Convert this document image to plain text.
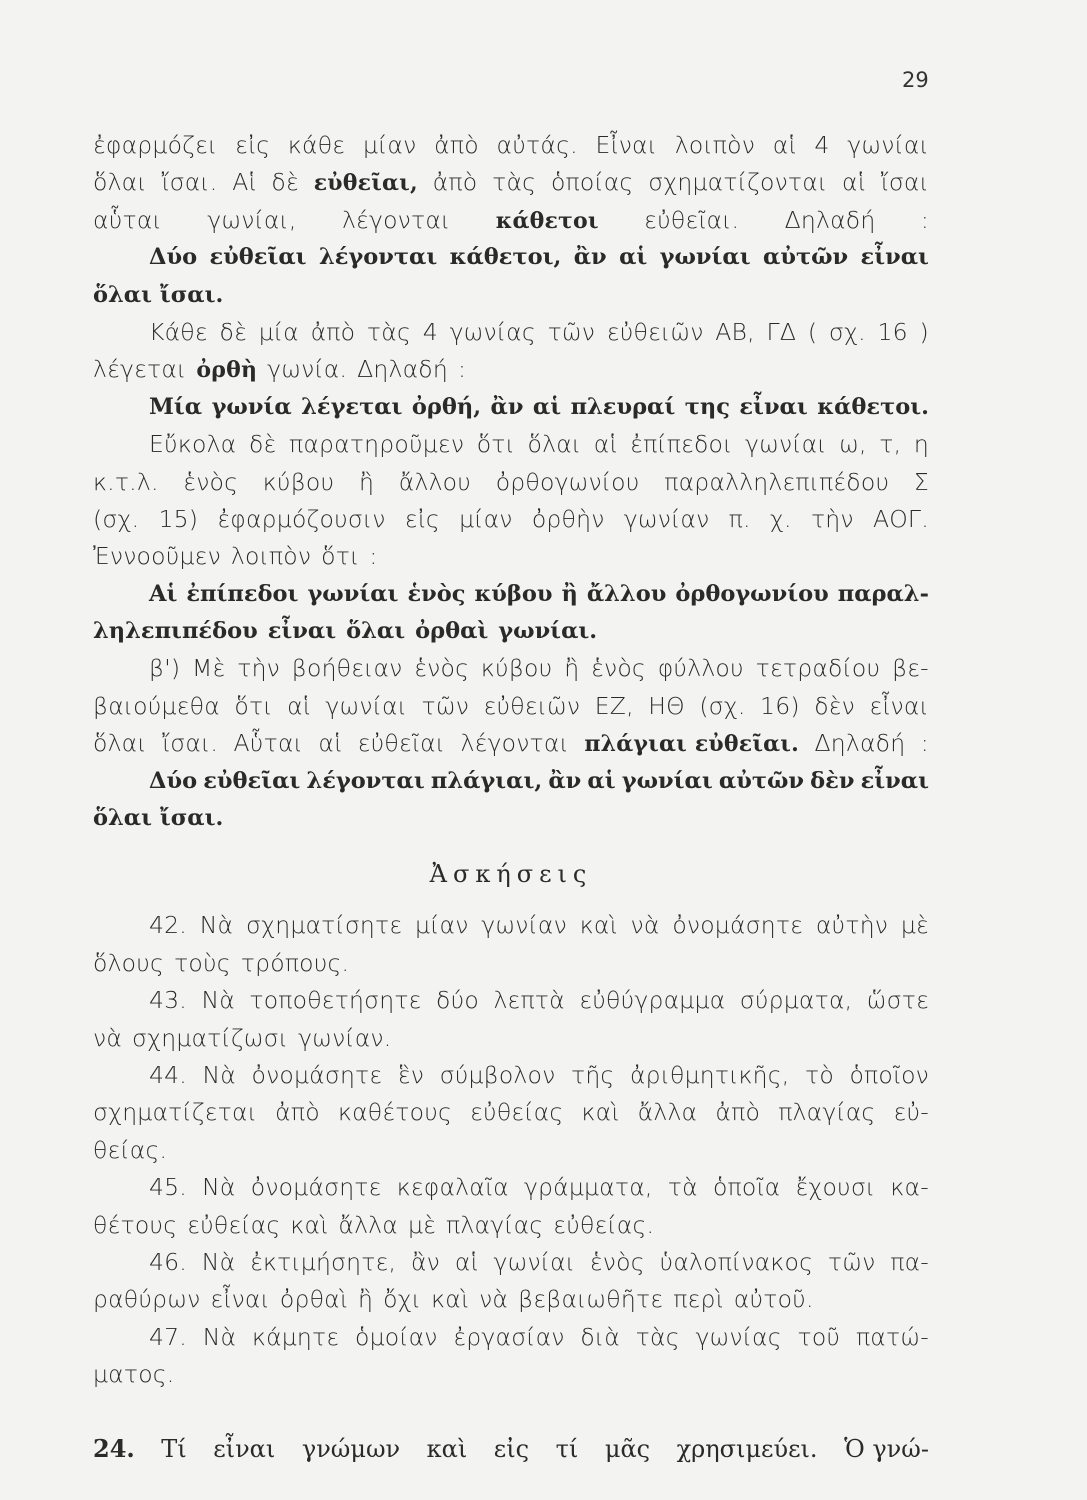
29
ἐφαρμόζει εἰς κάθε μίαν ἀπὸ αὐτάς. Εἶναι λοιπὸν αἱ 4 γωνίαι
ὅλαι ἴσαι. Αἱ δὲ εὐθεῖαι, ἀπὸ τὰς ὁποίας σχηματίζονται αἱ ἴσαι
αὗται γωνίαι, λέγονται κάθετοι εὐθεῖαι. Δηλαδή :
Δύο εὐθεῖαι λέγονται κάθετοι, ἂν αἱ γωνίαι αὐτῶν εἶναι
ὅλαι ἴσαι.
Κάθε δὲ μία ἀπὸ τὰς 4 γωνίας τῶν εὐθειῶν ΑΒ, ΓΔ ( σχ. 16 )
λέγεται ὀρθὴ γωνία. Δηλαδή :
Μία γωνία λέγεται ὀρθή, ἂν αἱ πλευραί της εἶναι κάθετοι.
Εὔκολα δὲ παρατηροῦμεν ὅτι ὅλαι αἱ ἐπίπεδοι γωνίαι ω, τ, η
κ.τ.λ. ἑνὸς κύβου ἢ ἄλλου ὀρθογωνίου παραλληλεπιπέδου Σ
(σχ. 15) ἐφαρμόζουσιν εἰς μίαν ὀρθὴν γωνίαν π. χ. τὴν ΑΟΓ.
Ἐννοοῦμεν λοιπὸν ὅτι :
Αἱ ἐπίπεδοι γωνίαι ἑνὸς κύβου ἢ ἄλλου ὀρθογωνίου παραλ-
ληλεπιπέδου εἶναι ὅλαι ὀρθαὶ γωνίαι.
β') Μὲ τὴν βοήθειαν ἑνὸς κύβου ἢ ἑνὸς φύλλου τετραδίου βε-
βαιούμεθα ὅτι αἱ γωνίαι τῶν εὐθειῶν ΕΖ, ΗΘ (σχ. 16) δὲν εἶναι
ὅλαι ἴσαι. Αὗται αἱ εὐθεῖαι λέγονται πλάγιαι εὐθεῖαι. Δηλαδή :
Δύο εὐθεῖαι λέγονται πλάγιαι, ἂν αἱ γωνίαι αὐτῶν δὲν εἶναι
ὅλαι ἴσαι.
Ἀσκήσεις
42. Νὰ σχηματίσητε μίαν γωνίαν καὶ νὰ ὀνομάσητε αὐτὴν μὲ
ὅλους τοὺς τρόπους.
43. Νὰ τοποθετήσητε δύο λεπτὰ εὐθύγραμμα σύρματα, ὥστε
νὰ σχηματίζωσι γωνίαν.
44. Νὰ ὀνομάσητε ἓν σύμβολον τῆς ἀριθμητικῆς, τὸ ὁποῖον
σχηματίζεται ἀπὸ καθέτους εὐθείας καὶ ἄλλα ἀπὸ πλαγίας εὐ-
θείας.
45. Νὰ ὀνομάσητε κεφαλαῖα γράμματα, τὰ ὁποῖα ἔχουσι κα-
θέτους εὐθείας καὶ ἄλλα μὲ πλαγίας εὐθείας.
46. Νὰ ἐκτιμήσητε, ἂν αἱ γωνίαι ἑνὸς ὑαλοπίνακος τῶν πα-
ραθύρων εἶναι ὀρθαὶ ἢ ὄχι καὶ νὰ βεβαιωθῆτε περὶ αὐτοῦ.
47. Νὰ κάμητε ὁμοίαν ἐργασίαν διὰ τὰς γωνίας τοῦ πατώ-
ματος.
24. Τί εἶναι γνώμων καὶ εἰς τί μᾶς χρησιμεύει. Ὁ γνώ-
